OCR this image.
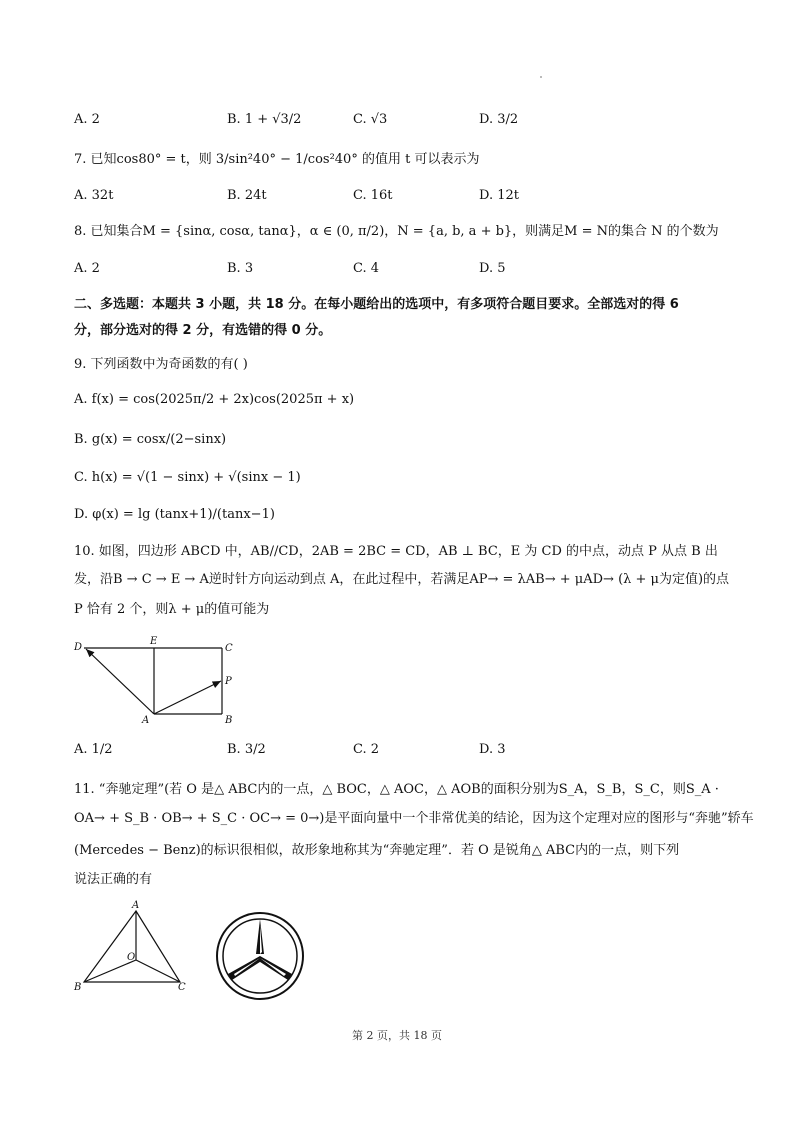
A. 2	B. 1 + √3/2	C. √3	D. 3/2
7. 已知cos80° = t，则 3/sin²40° − 1/cos²40° 的值用 t 可以表示为
A. 32t	B. 24t	C. 16t	D. 12t
8. 已知集合M = {sinα, cosα, tanα}，α ∈ (0, π/2)，N = {a, b, a + b}，则满足M = N的集合 N 的个数为
A. 2	B. 3	C. 4	D. 5
二、多选题：本题共 3 小题，共 18 分。在每小题给出的选项中，有多项符合题目要求。全部选对的得 6
分，部分选对的得 2 分，有选错的得 0 分。
9. 下列函数中为奇函数的有( )
A. f(x) = cos(2025π/2 + 2x)cos(2025π + x)
B. g(x) = cosx/(2−sinx)
C. h(x) = √(1 − sinx) + √(sinx − 1)
D. φ(x) = lg (tanx+1)/(tanx−1)
10. 如图，四边形 ABCD 中，AB//CD，2AB = 2BC = CD，AB ⊥ BC，E 为 CD 的中点，动点 P 从点 B 出
发，沿B → C → E → A逆时针方向运动到点 A，在此过程中，若满足AP→ = λAB→ + μAD→ (λ + μ为定值)的点
P 恰有 2 个，则λ + μ的值可能为
D
E
C
P
A	B
A. 1/2	B. 3/2	C. 2	D. 3
11. “奔驰定理”(若 O 是△ ABC内的一点，△ BOC，△ AOC，△ AOB的面积分别为S_A，S_B，S_C，则S_A ·
OA→ + S_B · OB→ + S_C · OC→ = 0→)是平面向量中一个非常优美的结论，因为这个定理对应的图形与“奔驰”轿车
(Mercedes − Benz)的标识很相似，故形象地称其为“奔驰定理”．若 O 是锐角△ ABC内的一点，则下列
说法正确的有
A
B	C
O
第 2 页，共 18 页
